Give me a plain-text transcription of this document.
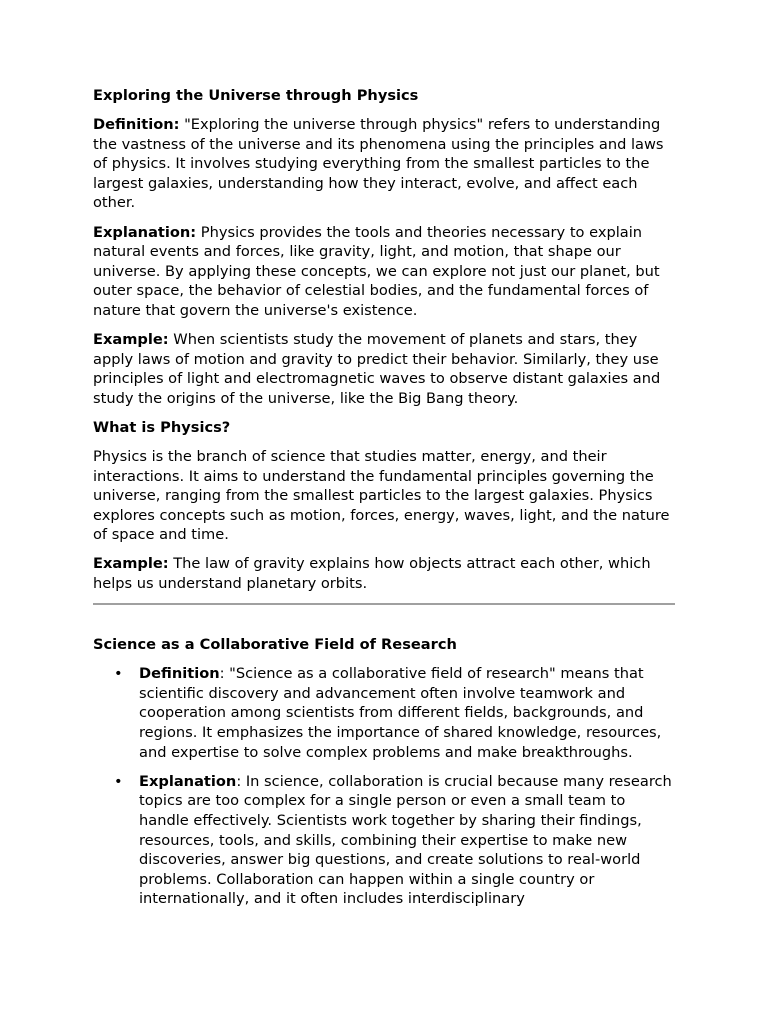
Exploring the Universe through Physics

Definition: "Exploring the universe through physics" refers to understanding the vastness of the universe and its phenomena using the principles and laws of physics. It involves studying everything from the smallest particles to the largest galaxies, understanding how they interact, evolve, and affect each other.

Explanation: Physics provides the tools and theories necessary to explain natural events and forces, like gravity, light, and motion, that shape our universe. By applying these concepts, we can explore not just our planet, but outer space, the behavior of celestial bodies, and the fundamental forces of nature that govern the universe's existence.

Example: When scientists study the movement of planets and stars, they apply laws of motion and gravity to predict their behavior. Similarly, they use principles of light and electromagnetic waves to observe distant galaxies and study the origins of the universe, like the Big Bang theory.

What is Physics?

Physics is the branch of science that studies matter, energy, and their interactions. It aims to understand the fundamental principles governing the universe, ranging from the smallest particles to the largest galaxies. Physics explores concepts such as motion, forces, energy, waves, light, and the nature of space and time.

Example: The law of gravity explains how objects attract each other, which helps us understand planetary orbits.

Science as a Collaborative Field of Research
• Definition: "Science as a collaborative field of research" means that scientific discovery and advancement often involve teamwork and cooperation among scientists from different fields, backgrounds, and regions. It emphasizes the importance of shared knowledge, resources, and expertise to solve complex problems and make breakthroughs.
• Explanation: In science, collaboration is crucial because many research topics are too complex for a single person or even a small team to handle effectively. Scientists work together by sharing their findings, resources, tools, and skills, combining their expertise to make new discoveries, answer big questions, and create solutions to real-world problems. Collaboration can happen within a single country or internationally, and it often includes interdisciplinary
